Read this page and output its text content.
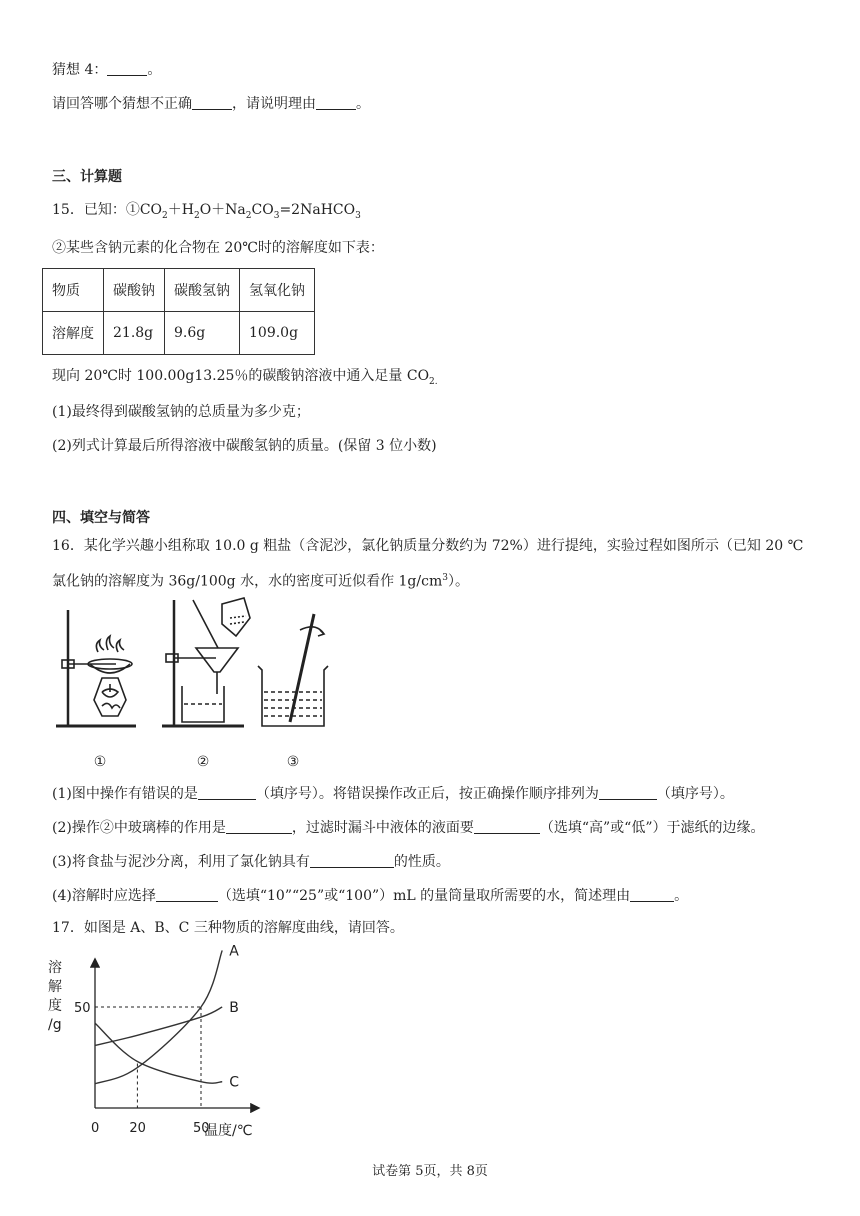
猜想 4：	。
请回答哪个猜想不正确	，请说明理由	。
三、计算题
15．已知：$①CO_2+H_2O+Na_2CO_3=2NaHCO_3$
②某些含钠元素的化合物在 20℃时的溶解度如下表：
物质	碳酸钠	碳酸氢钠	氢氧化钠
溶解度	21.8g	9.6g	109.0g
现向 20℃时 100.00g13.25％的碳酸钠溶液中通入足量 $CO_{2.}$
(1)最终得到碳酸氢钠的总质量为多少克；
(2)列式计算最后所得溶液中碳酸氢钠的质量。(保留 3 位小数)
四、填空与简答
16．某化学兴趣小组称取 10.0 g 粗盐（含泥沙，氯化钠质量分数约为 72%）进行提纯，实验过程如图所示（已知 20 ℃
氯化钠的溶解度为 36g/100g 水，水的密度可近似看作 $1g/cm^3$）。
①	②	③
(1)图中操作有错误的是	（填序号）。将错误操作改正后，按正确操作顺序排列为	（填序号）。
(2)操作②中玻璃棒的作用是	，过滤时漏斗中液体的液面要	（选填“高”或“低”）于滤纸的边缘。
(3)将食盐与泥沙分离，利用了氯化钠具有	的性质。
(4)溶解时应选择	（选填“10”“25”或“100”）mL 的量筒量取所需要的水，简述理由	。
17．如图是 A、B、C 三种物质的溶解度曲线，请回答。
溶
解
度
/g
温度/℃
0 20	50
50
A
B
C
试卷第 5页，共 8页
